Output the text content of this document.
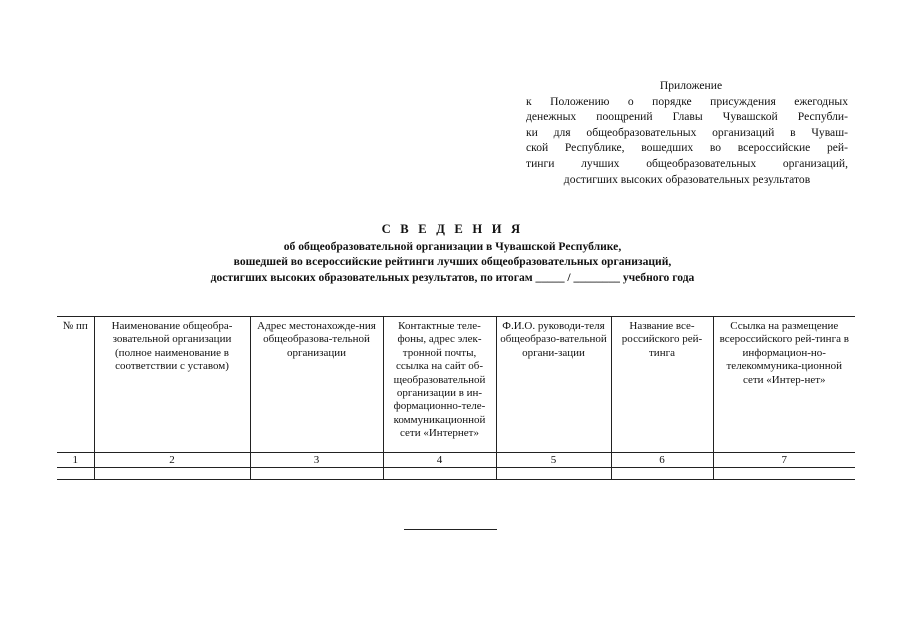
Приложение
к Положению о порядке присуждения ежегодных
денежных поощрений Главы Чувашской Республи-
ки для общеобразовательных организаций в Чуваш-
ской Республике, вошедших во всероссийские рей-
тинги лучших общеобразовательных организаций,
достигших высоких образовательных результатов
С В Е Д Е Н И Я
об общеобразовательной организации в Чувашской Республике,
вошедшей во всероссийские рейтинги лучших общеобразовательных организаций,
достигших высоких образовательных результатов, по итогам _____ / ________ учебного года
№ пп	Наименование общеобра-зовательной организации (полное наименование в соответствии с уставом)	Адрес местонахожде-ния общеобразова-тельной организации	Контактные теле-фоны, адрес элек-тронной почты, ссылка на сайт об-щеобразовательной организации в ин-формационно-теле-коммуникационной сети «Интернет»	Ф.И.О. руководи-теля общеобразо-вательной органи-зации	Название все-российского рей-тинга	Ссылка на размещение всероссийского рей-тинга в информацион-но-телекоммуника-ционной сети «Интер-нет»
1	2	3	4	5	6	7
